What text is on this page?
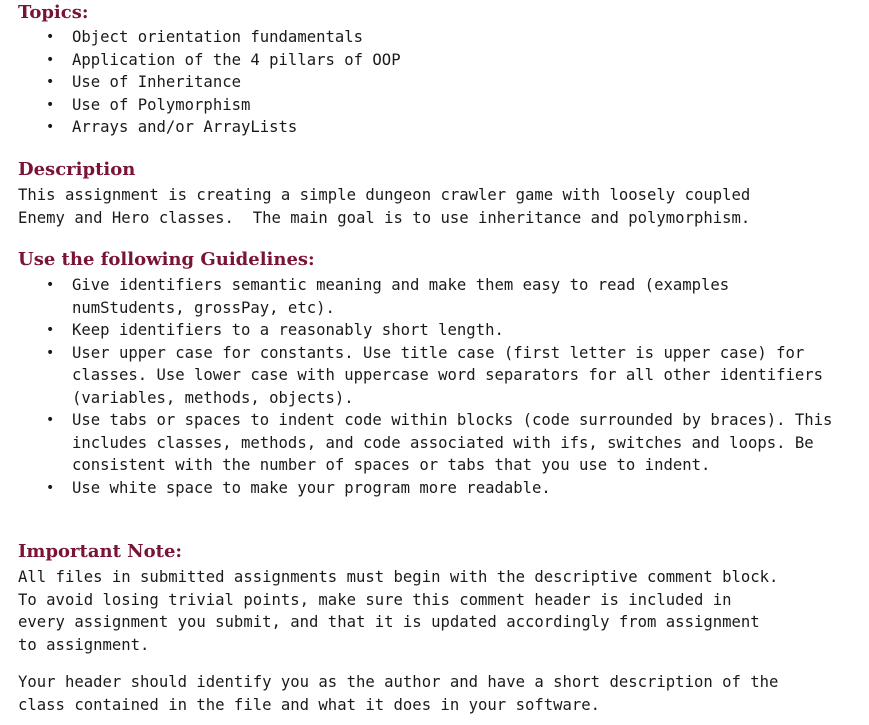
Topics:
• Object orientation fundamentals
• Application of the 4 pillars of OOP
• Use of Inheritance
• Use of Polymorphism
• Arrays and/or ArrayLists
Description

This assignment is creating a simple dungeon crawler game with loosely coupled
Enemy and Hero classes.  The main goal is to use inheritance and polymorphism.

Use the following Guidelines:
• Give identifiers semantic meaning and make them easy to read (examples numStudents, grossPay, etc).
• Keep identifiers to a reasonably short length.
• User upper case for constants. Use title case (first letter is upper case) for classes. Use lower case with uppercase word separators for all other identifiers (variables, methods, objects).
• Use tabs or spaces to indent code within blocks (code surrounded by braces). This includes classes, methods, and code associated with ifs, switches and loops. Be consistent with the number of spaces or tabs that you use to indent.
• Use white space to make your program more readable.
Important Note:

All files in submitted assignments must begin with the descriptive comment block.
To avoid losing trivial points, make sure this comment header is included in
every assignment you submit, and that it is updated accordingly from assignment
to assignment.

Your header should identify you as the author and have a short description of the
class contained in the file and what it does in your software.
